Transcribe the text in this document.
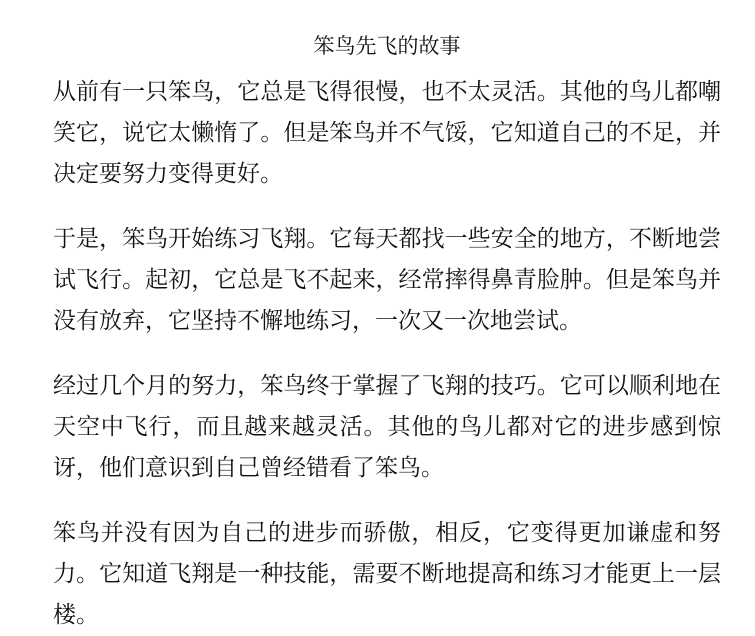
笨鸟先飞的故事

从前有一只笨鸟，它总是飞得很慢，也不太灵活。其他的鸟儿都嘲笑它，说它太懒惰了。但是笨鸟并不气馁，它知道自己的不足，并决定要努力变得更好。

于是，笨鸟开始练习飞翔。它每天都找一些安全的地方，不断地尝试飞行。起初，它总是飞不起来，经常摔得鼻青脸肿。但是笨鸟并没有放弃，它坚持不懈地练习，一次又一次地尝试。

经过几个月的努力，笨鸟终于掌握了飞翔的技巧。它可以顺利地在天空中飞行，而且越来越灵活。其他的鸟儿都对它的进步感到惊讶，他们意识到自己曾经错看了笨鸟。

笨鸟并没有因为自己的进步而骄傲，相反，它变得更加谦虚和努力。它知道飞翔是一种技能，需要不断地提高和练习才能更上一层楼。
